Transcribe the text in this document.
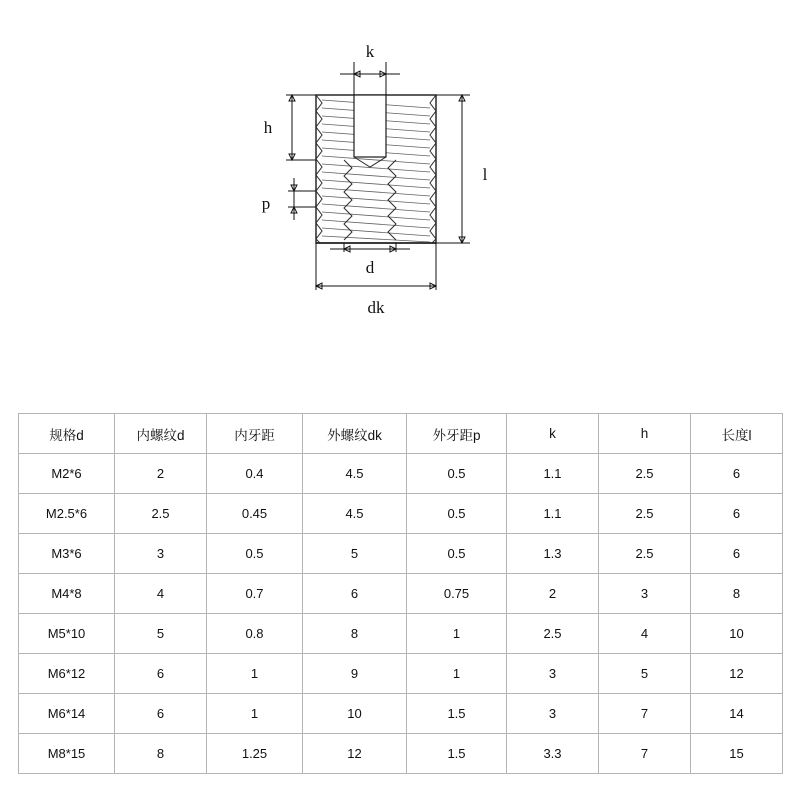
k
h
p
l
d
dk
规格d	内螺纹d	内牙距	外螺纹dk	外牙距p	k	h	长度l
M2*6	2	0.4	4.5	0.5	1.1	2.5	6
M2.5*6	2.5	0.45	4.5	0.5	1.1	2.5	6
M3*6	3	0.5	5	0.5	1.3	2.5	6
M4*8	4	0.7	6	0.75	2	3	8
M5*10	5	0.8	8	1	2.5	4	10
M6*12	6	1	9	1	3	5	12
M6*14	6	1	10	1.5	3	7	14
M8*15	8	1.25	12	1.5	3.3	7	15
